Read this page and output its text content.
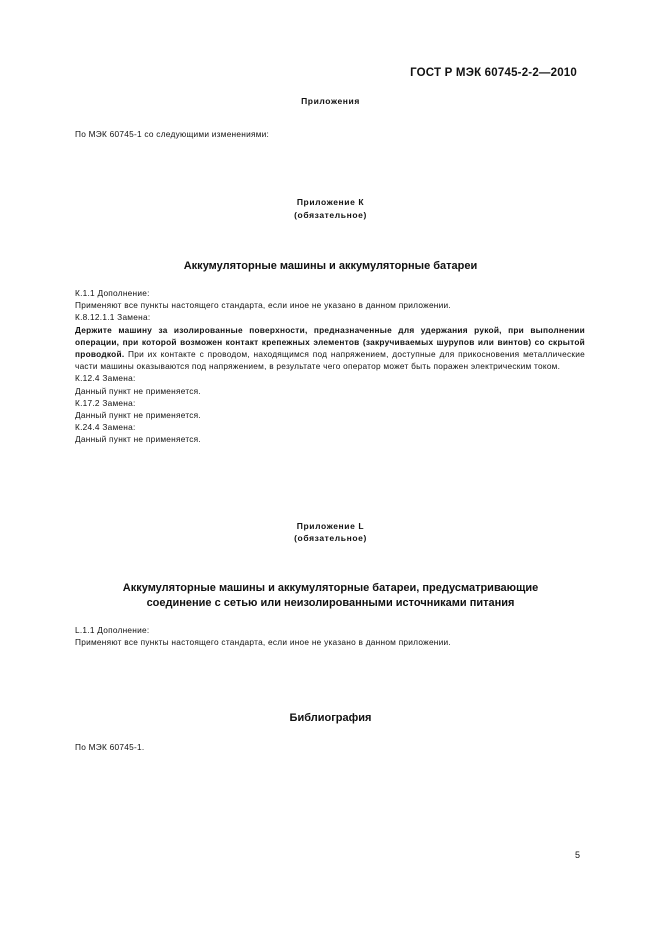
ГОСТ Р МЭК 60745-2-2—2010
Приложения
По МЭК 60745-1 со следующими изменениями:
Приложение К
(обязательное)
Аккумуляторные машины и аккумуляторные батареи
К.1.1 Дополнение:
Применяют все пункты настоящего стандарта, если иное не указано в данном приложении.
К.8.12.1.1 Замена:
Держите машину за изолированные поверхности, предназначенные для удержания рукой, при выполнении операции, при которой возможен контакт крепежных элементов (закручиваемых шурупов или винтов) со скрытой проводкой. При их контакте с проводом, находящимся под напряжением, доступные для прикосновения металлические части машины оказываются под напряжением, в результате чего оператор может быть поражен электрическим током.
К.12.4 Замена:
Данный пункт не применяется.
К.17.2 Замена:
Данный пункт не применяется.
К.24.4 Замена:
Данный пункт не применяется.
Приложение L
(обязательное)
Аккумуляторные машины и аккумуляторные батареи, предусматривающие
соединение с сетью или неизолированными источниками питания
L.1.1 Дополнение:
Применяют все пункты настоящего стандарта, если иное не указано в данном приложении.
Библиография
По МЭК 60745-1.
5
